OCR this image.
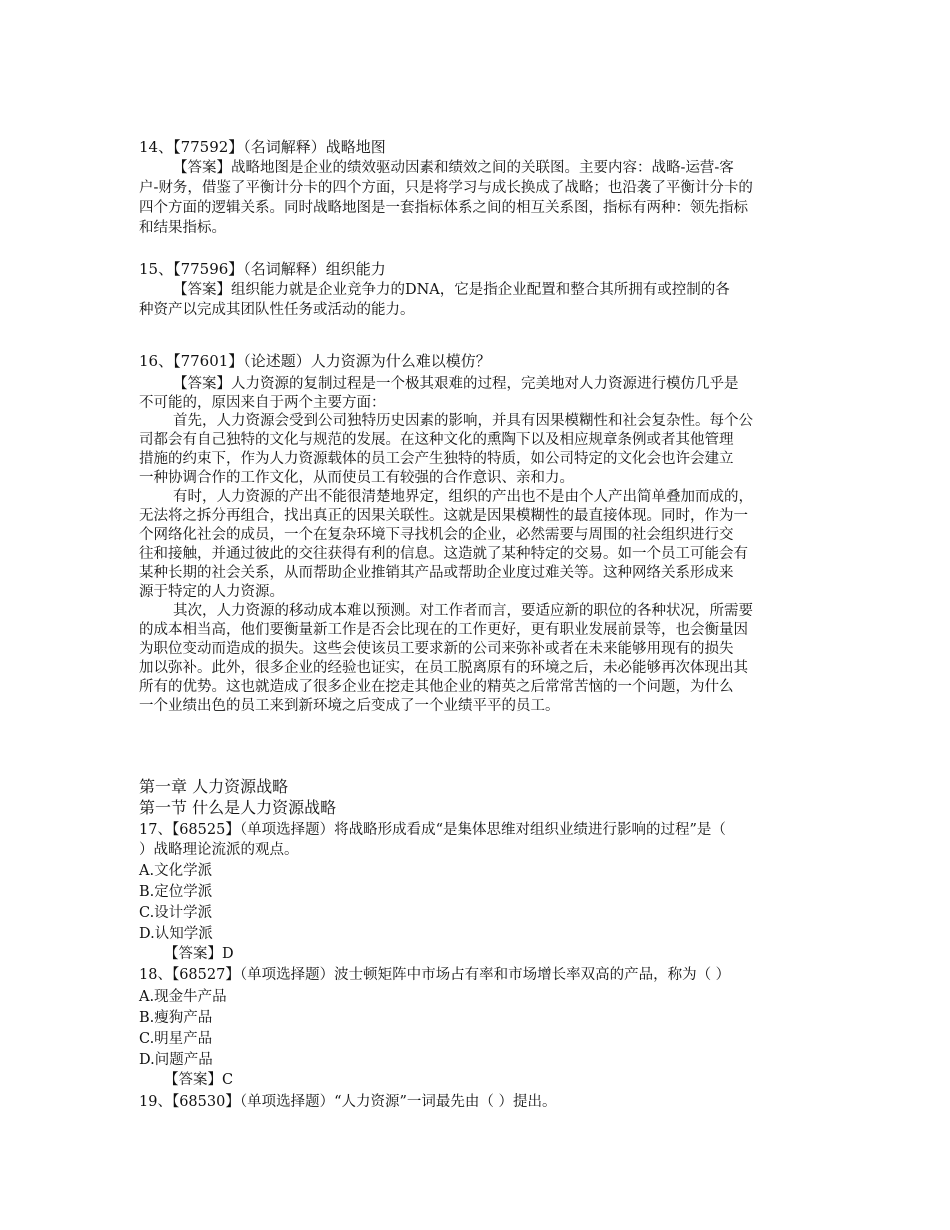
14、【77592】（名词解释）战略地图
【答案】战略地图是企业的绩效驱动因素和绩效之间的关联图。主要内容：战略-运营-客
户-财务，借鉴了平衡计分卡的四个方面，只是将学习与成长换成了战略；也沿袭了平衡计分卡的
四个方面的逻辑关系。同时战略地图是一套指标体系之间的相互关系图，指标有两种：领先指标
和结果指标。
15、【77596】（名词解释）组织能力
【答案】组织能力就是企业竞争力的DNA，它是指企业配置和整合其所拥有或控制的各
种资产以完成其团队性任务或活动的能力。
16、【77601】（论述题）人力资源为什么难以模仿？
【答案】人力资源的复制过程是一个极其艰难的过程，完美地对人力资源进行模仿几乎是
不可能的，原因来自于两个主要方面：
首先，人力资源会受到公司独特历史因素的影响，并具有因果模糊性和社会复杂性。每个公
司都会有自己独特的文化与规范的发展。在这种文化的熏陶下以及相应规章条例或者其他管理
措施的约束下，作为人力资源载体的员工会产生独特的特质，如公司特定的文化会也许会建立
一种协调合作的工作文化，从而使员工有较强的合作意识、亲和力。
有时，人力资源的产出不能很清楚地界定，组织的产出也不是由个人产出简单叠加而成的，
无法将之拆分再组合，找出真正的因果关联性。这就是因果模糊性的最直接体现。同时，作为一
个网络化社会的成员，一个在复杂环境下寻找机会的企业，必然需要与周围的社会组织进行交
往和接触，并通过彼此的交往获得有利的信息。这造就了某种特定的交易。如一个员工可能会有
某种长期的社会关系，从而帮助企业推销其产品或帮助企业度过难关等。这种网络关系形成来
源于特定的人力资源。
其次，人力资源的移动成本难以预测。对工作者而言，要适应新的职位的各种状况，所需要
的成本相当高，他们要衡量新工作是否会比现在的工作更好，更有职业发展前景等，也会衡量因
为职位变动而造成的损失。这些会使该员工要求新的公司来弥补或者在未来能够用现有的损失
加以弥补。此外，很多企业的经验也证实，在员工脱离原有的环境之后，未必能够再次体现出其
所有的优势。这也就造成了很多企业在挖走其他企业的精英之后常常苦恼的一个问题，为什么
一个业绩出色的员工来到新环境之后变成了一个业绩平平的员工。
第一章 人力资源战略
第一节 什么是人力资源战略
17、【68525】（单项选择题）将战略形成看成“是集体思维对组织业绩进行影响的过程”是（
）战略理论流派的观点。
A.文化学派
B.定位学派
C.设计学派
D.认知学派
【答案】D
18、【68527】（单项选择题）波士顿矩阵中市场占有率和市场增长率双高的产品，称为（ ）
A.现金牛产品
B.瘦狗产品
C.明星产品
D.问题产品
【答案】C
19、【68530】（单项选择题）“人力资源”一词最先由（ ）提出。
